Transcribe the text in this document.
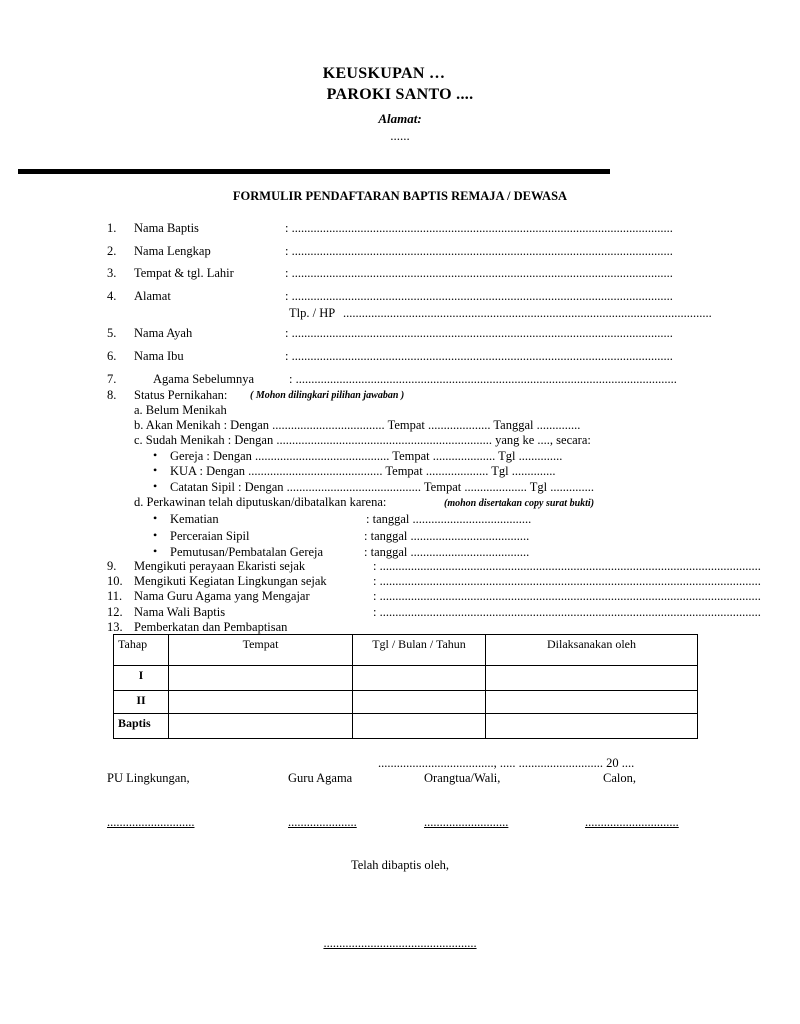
KEUSKUPAN …
PAROKI SANTO ....
Alamat:
......
FORMULIR PENDAFTARAN BAPTIS REMAJA / DEWASA
1. Nama Baptis	: ..........................................................................................................................
2. Nama Lengkap	: ..........................................................................................................................
3. Tempat & tgl. Lahir	: ..........................................................................................................................
4. Alamat	: ..........................................................................................................................
Tlp. / HP ......................................................................................................................
5. Nama Ayah	: ..........................................................................................................................
6. Nama Ibu	: ..........................................................................................................................
7.	Agama Sebelumnya	: ..........................................................................................................................
8. Status Pernikahan: ( Mohon dilingkari pilihan jawaban )
a. Belum Menikah
b. Akan Menikah : Dengan .................................... Tempat .................... Tanggal ..............
c. Sudah Menikah : Dengan ..................................................................... yang ke ...., secara:
• Gereja : Dengan ........................................... Tempat .................... Tgl ..............
• KUA : Dengan ........................................... Tempat .................... Tgl ..............
• Catatan Sipil : Dengan ........................................... Tempat .................... Tgl ..............
d. Perkawinan telah diputuskan/dibatalkan karena:	(mohon disertakan copy surat bukti)
• Kematian	: tanggal ......................................
• Perceraian Sipil	: tanggal ......................................
• Pemutusan/Pembatalan Gereja	: tanggal ......................................
9. Mengikuti perayaan Ekaristi sejak	: ..........................................................................................................................
10. Mengikuti Kegiatan Lingkungan sejak	: ..........................................................................................................................
11. Nama Guru Agama yang Mengajar	: ..........................................................................................................................
12. Nama Wali Baptis	: ..........................................................................................................................
13. Pemberkatan dan Pembaptisan
Tahap	Tempat	Tgl / Bulan / Tahun	Dilaksanakan oleh
I			
II			
Baptis			
....................................., ..... ........................... 20 ....
PU Lingkungan,	Guru Agama	Orangtua/Wali,	Calon,
............................	......................	...........................	..............................
Telah dibaptis oleh,
.................................................
